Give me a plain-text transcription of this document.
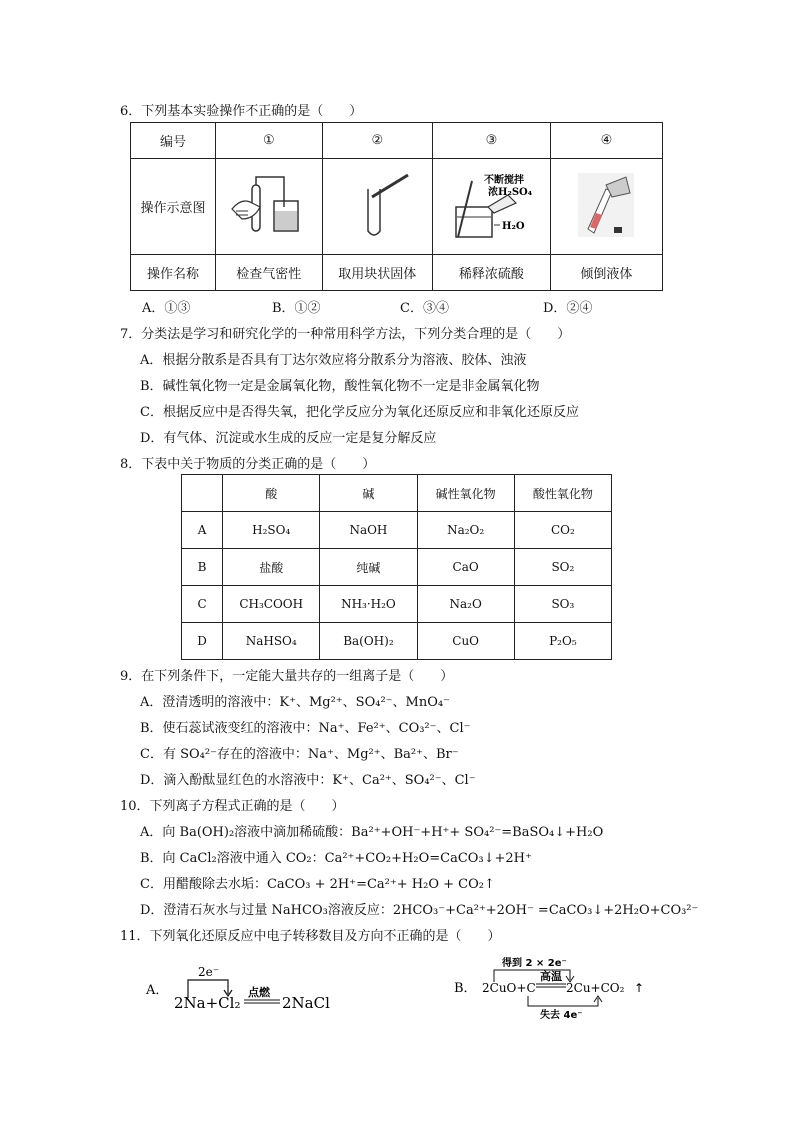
6．下列基本实验操作不正确的是（　　）
编号	①	②	③	④
操作示意图			不断搅拌
浓H₂SO₄
H₂O

操作名称	检查气密性	取用块状固体	稀释浓硫酸	倾倒液体
A．①③	B．①②	C．③④	D．②④
7．分类法是学习和研究化学的一种常用科学方法，下列分类合理的是（　　）
A．根据分散系是否具有丁达尔效应将分散系分为溶液、胶体、浊液
B．碱性氧化物一定是金属氧化物，酸性氧化物不一定是非金属氧化物
C．根据反应中是否得失氧，把化学反应分为氧化还原反应和非氧化还原反应
D．有气体、沉淀或水生成的反应一定是复分解反应
8．下表中关于物质的分类正确的是（　　）
	酸	碱	碱性氧化物	酸性氧化物
A	H₂SO₄	NaOH	Na₂O₂	CO₂
B	盐酸	纯碱	CaO	SO₂
C	CH₃COOH	NH₃·H₂O	Na₂O	SO₃
D	NaHSO₄	Ba(OH)₂	CuO	P₂O₅
9．在下列条件下，一定能大量共存的一组离子是（　　）
A．澄清透明的溶液中：K⁺、Mg²⁺、SO₄²⁻、MnO₄⁻
B．使石蕊试液变红的溶液中：Na⁺、Fe²⁺、CO₃²⁻、Cl⁻
C．有 SO₄²⁻存在的溶液中：Na⁺、Mg²⁺、Ba²⁺、Br⁻
D．滴入酚酞显红色的水溶液中：K⁺、Ca²⁺、SO₄²⁻、Cl⁻
10．下列离子方程式正确的是（　　）
A．向 Ba(OH)₂溶液中滴加稀硫酸：Ba²⁺+OH⁻+H⁺+ SO₄²⁻=BaSO₄↓+H₂O
B．向 CaCl₂溶液中通入 CO₂：Ca²⁺+CO₂+H₂O=CaCO₃↓+2H⁺
C．用醋酸除去水垢：CaCO₃ + 2H⁺=Ca²⁺+ H₂O + CO₂↑
D．澄清石灰水与过量 NaHCO₃溶液反应：2HCO₃⁻+Ca²⁺+2OH⁻ =CaCO₃↓+2H₂O+CO₃²⁻
11．下列氧化还原反应中电子转移数目及方向不正确的是（　　）
A．
2e⁻
2Na+Cl₂
点燃
2NaCl
B．
得到 2 × 2e⁻
2CuO+C
高温
2Cu+CO₂ ↑
失去 4e⁻
